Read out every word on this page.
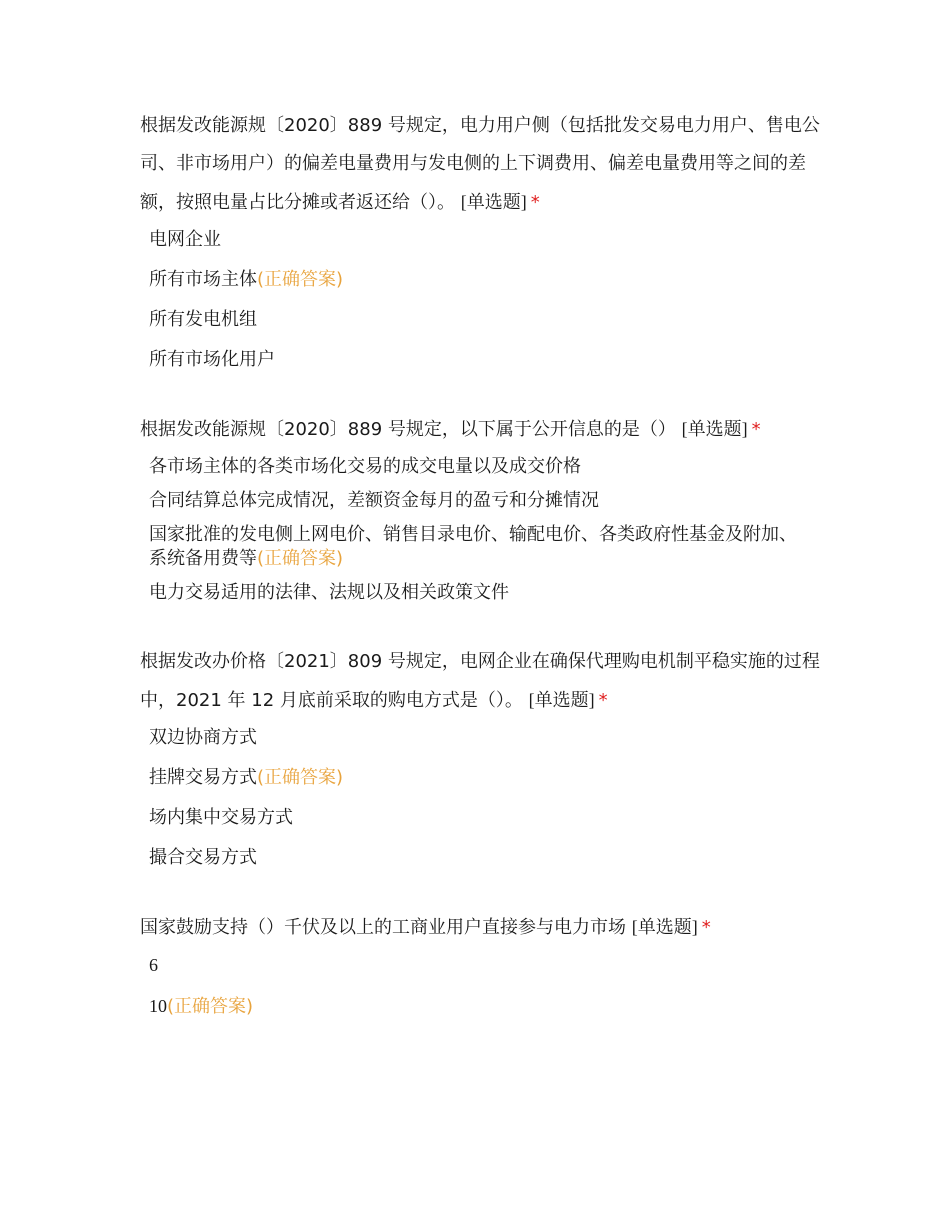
根据发改能源规〔2020〕889 号规定，电力用户侧（包括批发交易电力用户、售电公司、非市场用户）的偏差电量费用与发电侧的上下调费用、偏差电量费用等之间的差额，按照电量占比分摊或者返还给（）。 [单选题] *

电网企业
所有市场主体(正确答案)
所有发电机组
所有市场化用户

根据发改能源规〔2020〕889 号规定，以下属于公开信息的是（） [单选题] *

各市场主体的各类市场化交易的成交电量以及成交价格
合同结算总体完成情况，差额资金每月的盈亏和分摊情况
国家批准的发电侧上网电价、销售目录电价、输配电价、各类政府性基金及附加、系统备用费等(正确答案)
电力交易适用的法律、法规以及相关政策文件

根据发改办价格〔2021〕809 号规定，电网企业在确保代理购电机制平稳实施的过程中，2021 年 12 月底前采取的购电方式是（）。 [单选题] *

双边协商方式
挂牌交易方式(正确答案)
场内集中交易方式
撮合交易方式

国家鼓励支持（）千伏及以上的工商业用户直接参与电力市场 [单选题] *

6
10(正确答案)
